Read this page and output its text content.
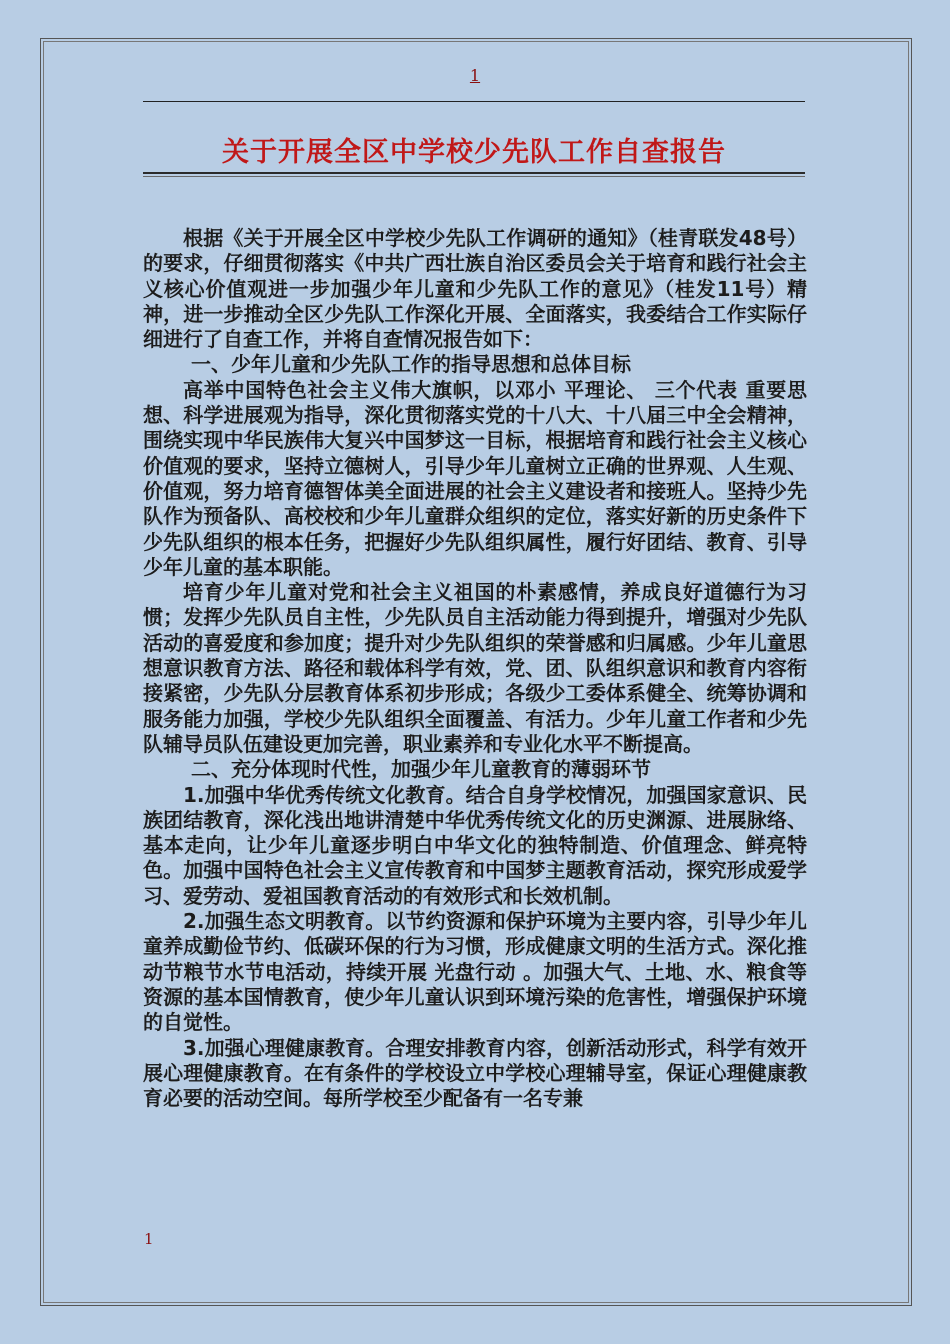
1
关于开展全区中学校少先队工作自查报告

根据《关于开展全区中学校少先队工作调研的通知》（桂青联发48号）的要求，仔细贯彻落实《中共广西壮族自治区委员会关于培育和践行社会主义核心价值观进一步加强少年儿童和少先队工作的意见》（桂发11号）精神，进一步推动全区少先队工作深化开展、全面落实，我委结合工作实际仔细进行了自查工作，并将自查情况报告如下：

一、少年儿童和少先队工作的指导思想和总体目标

高举中国特色社会主义伟大旗帜，以邓小 平理论、 三个代表 重要思想、科学进展观为指导，深化贯彻落实党的十八大、十八届三中全会精神，围绕实现中华民族伟大复兴中国梦这一目标，根据培育和践行社会主义核心价值观的要求，坚持立德树人，引导少年儿童树立正确的世界观、人生观、价值观，努力培育德智体美全面进展的社会主义建设者和接班人。坚持少先队作为预备队、高校校和少年儿童群众组织的定位，落实好新的历史条件下少先队组织的根本任务，把握好少先队组织属性，履行好团结、教育、引导少年儿童的基本职能。

培育少年儿童对党和社会主义祖国的朴素感情，养成良好道德行为习惯；发挥少先队员自主性，少先队员自主活动能力得到提升，增强对少先队活动的喜爱度和参加度；提升对少先队组织的荣誉感和归属感。少年儿童思想意识教育方法、路径和载体科学有效，党、团、队组织意识和教育内容衔接紧密，少先队分层教育体系初步形成；各级少工委体系健全、统筹协调和服务能力加强，学校少先队组织全面覆盖、有活力。少年儿童工作者和少先队辅导员队伍建设更加完善，职业素养和专业化水平不断提高。

二、充分体现时代性，加强少年儿童教育的薄弱环节

1.加强中华优秀传统文化教育。结合自身学校情况，加强国家意识、民族团结教育，深化浅出地讲清楚中华优秀传统文化的历史渊源、进展脉络、基本走向，让少年儿童逐步明白中华文化的独特制造、价值理念、鲜亮特色。加强中国特色社会主义宣传教育和中国梦主题教育活动，探究形成爱学习、爱劳动、爱祖国教育活动的有效形式和长效机制。

2.加强生态文明教育。以节约资源和保护环境为主要内容，引导少年儿童养成勤俭节约、低碳环保的行为习惯，形成健康文明的生活方式。深化推动节粮节水节电活动，持续开展 光盘行动 。加强大气、土地、水、粮食等资源的基本国情教育，使少年儿童认识到环境污染的危害性，增强保护环境的自觉性。

3.加强心理健康教育。合理安排教育内容，创新活动形式，科学有效开展心理健康教育。在有条件的学校设立中学校心理辅导室，保证心理健康教育必要的活动空间。每所学校至少配备有一名专兼

1
